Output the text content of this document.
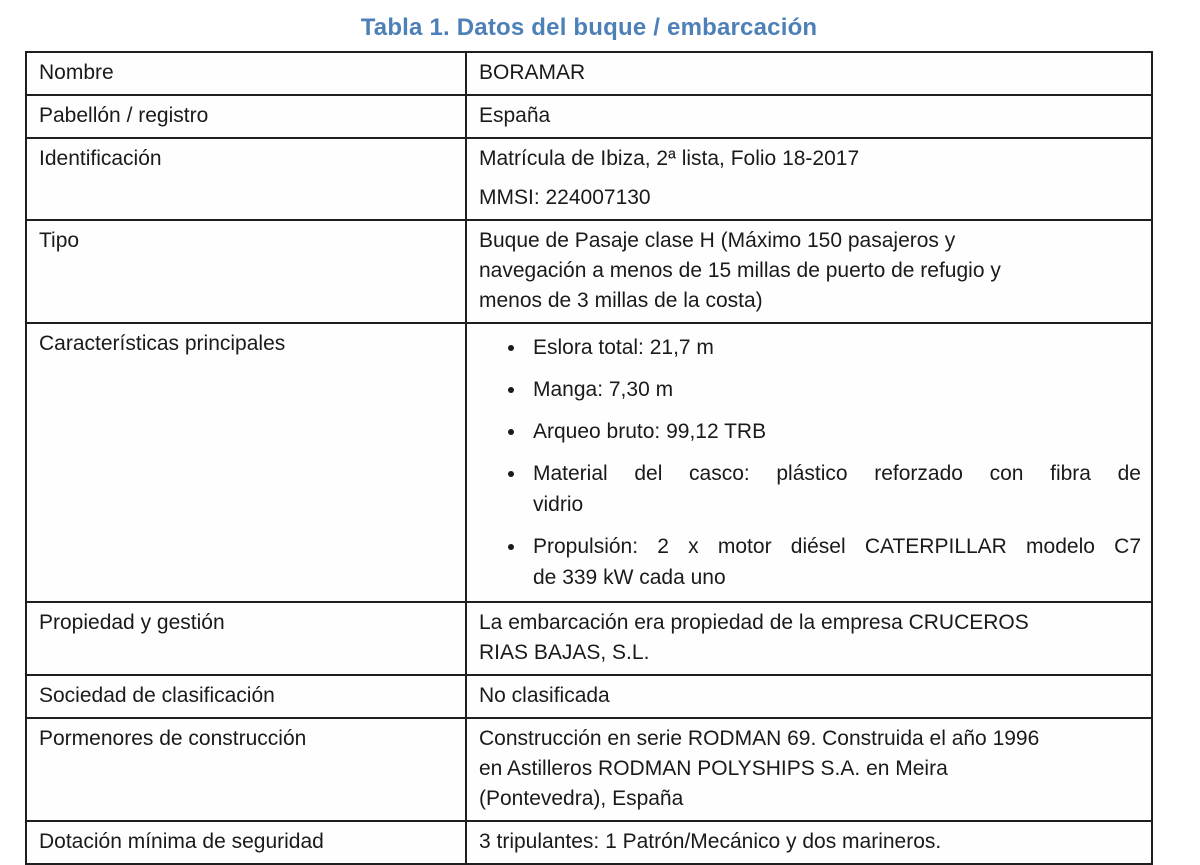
Tabla 1. Datos del buque / embarcación
Nombre	BORAMAR

Pabellón / registro	España

Identificación	Matrícula de Ibiza, 2ª lista, Folio 18-2017
MMSI: 224007130

Tipo	Buque de Pasaje clase H (Máximo 150 pasajeros y
navegación a menos de 15 millas de puerto de refugio y
menos de 3 millas de la costa)

Características principales	
•Eslora total: 21,7 m
• Manga: 7,30 m
• Arqueo bruto: 99,12 TRB
• Material del casco: plástico reforzado con fibra de
vidrio
• Propulsión: 2 x motor diésel CATERPILLAR modelo C7
de 339 kW cada uno

Propiedad y gestión	La embarcación era propiedad de la empresa CRUCEROS
RIAS BAJAS, S.L.

Sociedad de clasificación	No clasificada

Pormenores de construcción	Construcción en serie RODMAN 69. Construida el año 1996
en Astilleros RODMAN POLYSHIPS S.A. en Meira
(Pontevedra), España

Dotación mínima de seguridad	3 tripulantes: 1 Patrón/Mecánico y dos marineros.
